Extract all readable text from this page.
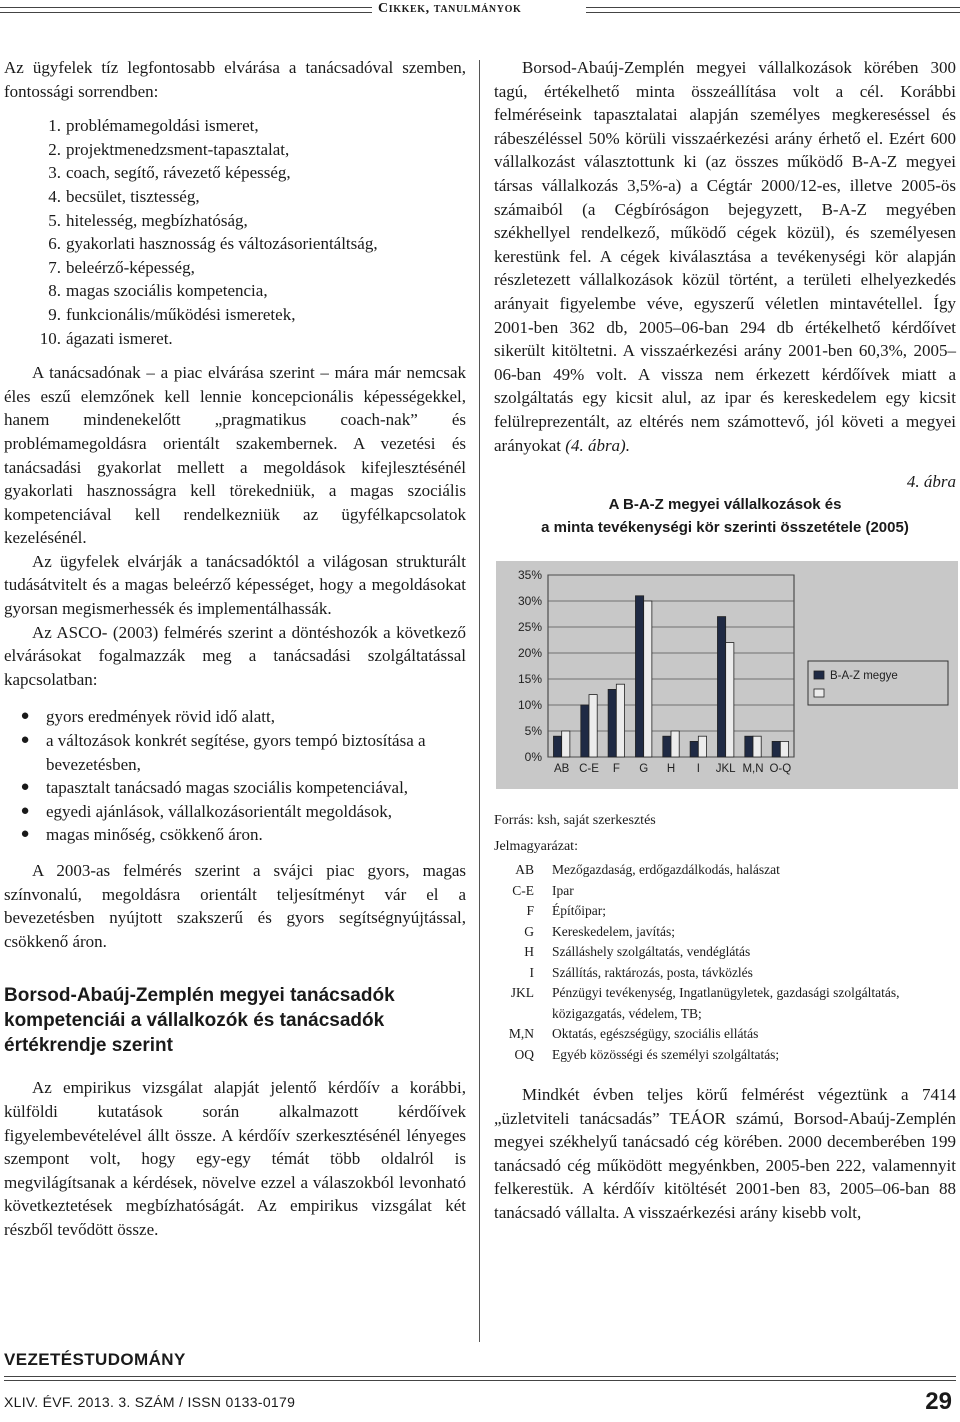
Cikkek, tanulmányok

Az ügyfelek tíz legfontosabb elvárása a tanácsadóval szemben, fontossági sorrendben:

1. problémamegoldási ismeret,
2. projektmenedzsment-tapasztalat,
3. coach, segítő, rávezető képesség,
4. becsület, tisztesség,
5. hitelesség, megbízhatóság,
6. gyakorlati hasznosság és változásorientáltság,
7. beleérző-képesség,
8. magas szociális kompetencia,
9. funkcionális/működési ismeretek,
10. ágazati ismeret.

A tanácsadónak – a piac elvárása szerint – mára már nemcsak éles eszű elemzőnek kell lennie koncepcionális képességekkel, hanem mindenekelőtt „pragmatikus coach-nak” és problémamegoldásra orientált szakembernek. A vezetési és tanácsadási gyakorlat mellett a megoldások kifejlesztésénél gyakorlati hasznosságra kell törekedniük, a magas szociális kompetenciával kell rendelkezniük az ügyfélkapcsolatok kezelésénél.

Az ügyfelek elvárják a tanácsadóktól a világosan strukturált tudásátvitelt és a magas beleérző képességet, hogy a megoldásokat gyorsan megismerhessék és implementálhassák.

Az ASCO- (2003) felmérés szerint a döntéshozók a következő elvárásokat fogalmazzák meg a tanácsadási szolgáltatással kapcsolatban:

● gyors eredmények rövid idő alatt,
● a változások konkrét segítése, gyors tempó biztosítása a bevezetésben,
● tapasztalt tanácsadó magas szociális kompetenciával,
● egyedi ajánlások, vállalkozásorientált megoldások,
● magas minőség, csökkenő áron.

A 2003-as felmérés szerint a svájci piac gyors, magas színvonalú, megoldásra orientált teljesítményt vár el a bevezetésben nyújtott szakszerű és gyors segítségnyújtással, csökkenő áron.

Borsod-Abaúj-Zemplén megyei tanácsadók kompetenciái a vállalkozók és tanácsadók értékrendje szerint

Az empirikus vizsgálat alapját jelentő kérdőív a korábbi, külföldi kutatások során alkalmazott kérdőívek figyelembevételével állt össze. A kérdőív szerkesztésénél lényeges szempont volt, hogy egy-egy témát több oldalról is megvilágítsanak a kérdések, növelve ezzel a válaszokból levonható következtetések megbízhatóságát. Az empirikus vizsgálat két részből tevődött össze.

Borsod-Abaúj-Zemplén megyei vállalkozások körében 300 tagú, értékelhető minta összeállítása volt a cél. Korábbi felméréseink tapasztalatai alapján személyes megkereséssel és rábeszéléssel 50% körüli visszaérkezési arány érhető el. Ezért 600 vállalkozást választottunk ki (az összes működő B-A-Z megyei társas vállalkozás 3,5%-a) a Cégtár 2000/12-es, illetve 2005-ös számaiból (a Cégbíróságon bejegyzett, B-A-Z megyében székhellyel rendelkező, működő cégek közül), és személyesen kerestünk fel. A cégek kiválasztása a tevékenységi kör alapján részletezett vállalkozások közül történt, a területi elhelyezkedés arányait figyelembe véve, egyszerű véletlen mintavétellel. Így 2001-ben 362 db, 2005–06-ban 294 db értékelhető kérdőívet sikerült kitöltetni. A visszaérkezési arány 2001-ben 60,3%, 2005–06-ban 49% volt. A vissza nem érkezett kérdőívek miatt a szolgáltatás egy kicsit alul, az ipar és kereskedelem egy kicsit felülreprezentált, az eltérés nem számottevő, jól követi a megyei arányokat (4. ábra).

4. ábra
A B-A-Z megyei vállalkozások és
a minta tevékenységi kör szerinti összetétele (2005)
0%
5%
10%
15%
20%
25%
30%
35%
AB C-E F G H I JKL M,N O-Q
B-A-Z megye
Forrás: ksh, saját szerkesztés
Jelmagyarázat:
AB	Mezőgazdaság, erdőgazdálkodás, halászat
C-E	Ipar
F	Építőipar;
G	Kereskedelem, javítás;
H	Szálláshely szolgáltatás, vendéglátás
I	Szállítás, raktározás, posta, távközlés
JKL	Pénzügyi tevékenység, Ingatlanügyletek, gazdasági szolgáltatás, közigazgatás, védelem, TB;
M,N	Oktatás, egészségügy, szociális ellátás
OQ	Egyéb közösségi és személyi szolgáltatás;

Mindkét évben teljes körű felmérést végeztünk a 7414 „üzletviteli tanácsadás” TEÁOR számú, Borsod-Abaúj-Zemplén megyei székhelyű tanácsadó cég körében. 2000 decemberében 199 tanácsadó cég működött megyénkben, 2005-ben 222, valamennyit felkerestük. A kérdőív kitöltését 2001-ben 83, 2005–06-ban 88 tanácsadó vállalta. A visszaérkezési arány kisebb volt,

VEZETÉSTUDOMÁNY
XLIV. ÉVF. 2013. 3. SZÁM / ISSN 0133-0179	29
